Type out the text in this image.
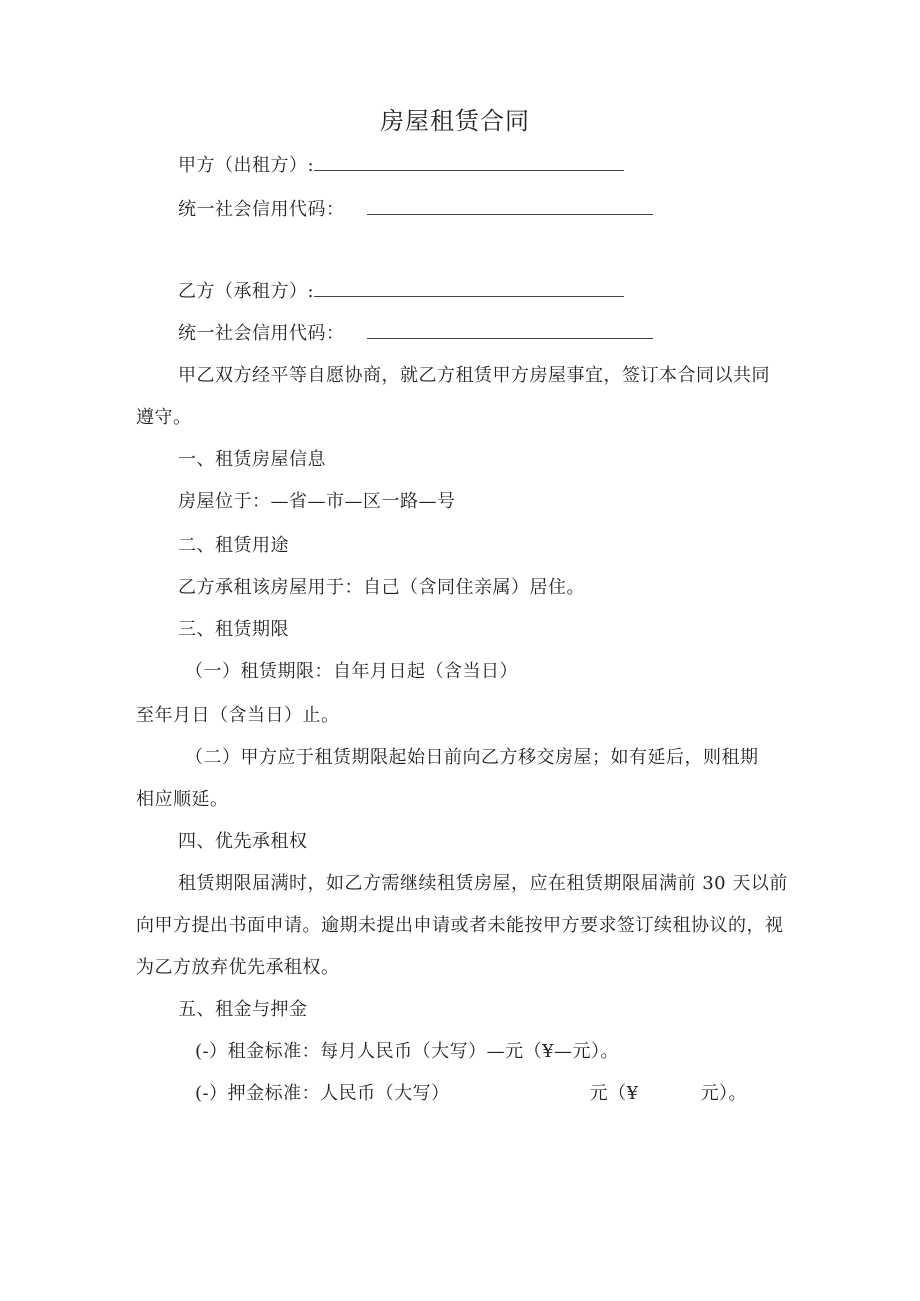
房屋租赁合同
甲方（出租方）:
统一社会信用代码：
乙方（承租方）:
统一社会信用代码：
甲乙双方经平等自愿协商，就乙方租赁甲方房屋事宜，签订本合同以共同
遵守。
一、租赁房屋信息
房屋位于：—省—市—区一路—号
二、租赁用途
乙方承租该房屋用于：自己（含同住亲属）居住。
三、租赁期限
（一）租赁期限：自年月日起（含当日）
至年月日（含当日）止。
（二）甲方应于租赁期限起始日前向乙方移交房屋；如有延后，则租期
相应顺延。
四、优先承租权
租赁期限届满时，如乙方需继续租赁房屋，应在租赁期限届满前 30 天以前
向甲方提出书面申请。逾期未提出申请或者未能按甲方要求签订续租协议的，视
为乙方放弃优先承租权。
五、租金与押金
(-）租金标准：每月人民币（大写）—元（¥—元）。
(-）押金标准：人民币（大写）	元（¥	元）。
